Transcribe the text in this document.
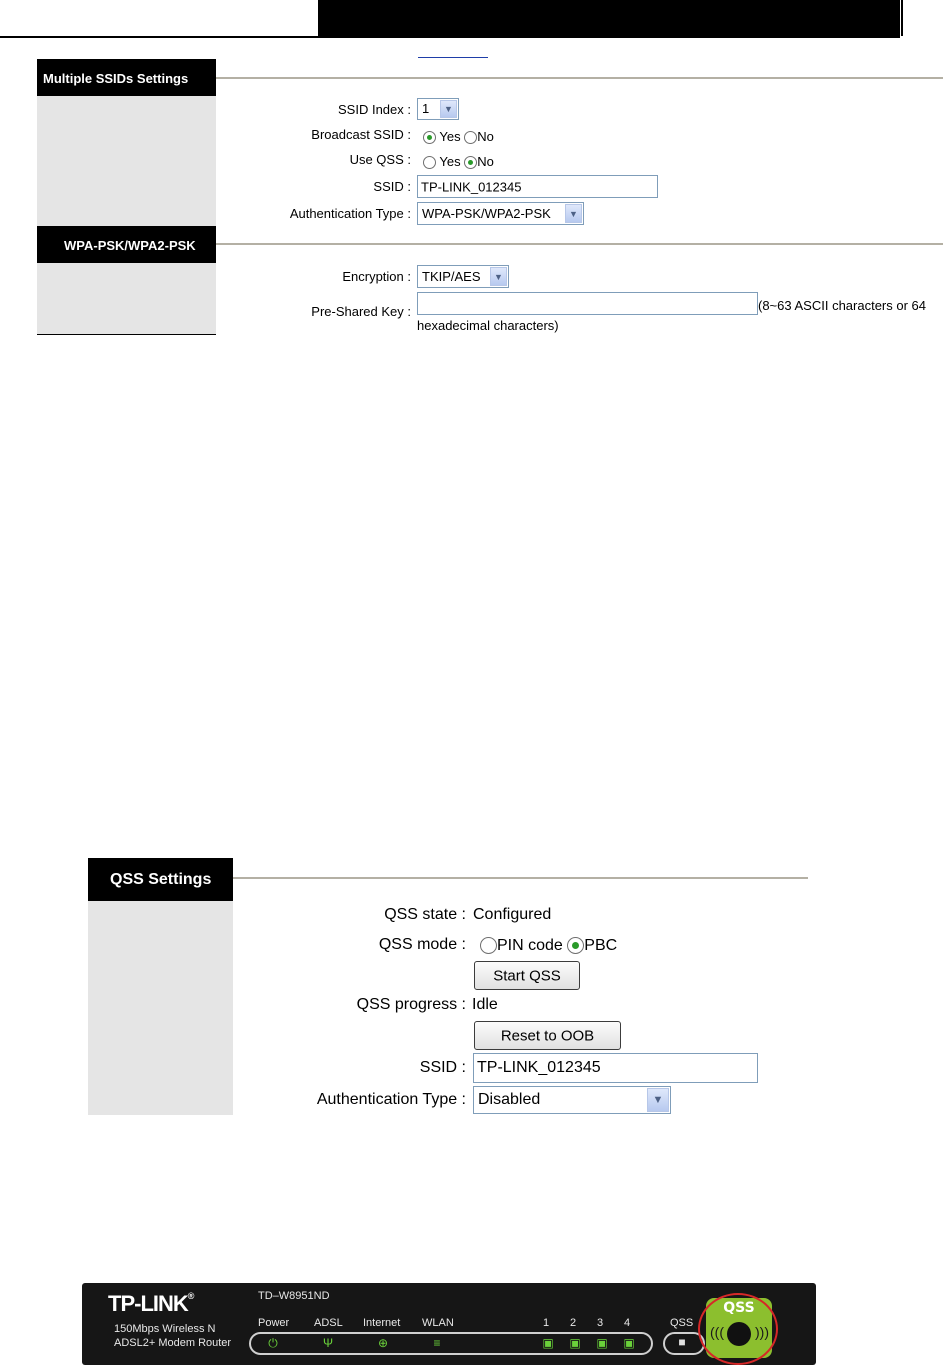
Multiple SSIDs Settings
SSID Index : 1	▼
Broadcast SSID :	Yes No
Use QSS :	Yes No
SSID : TP-LINK_012345
Authentication Type : WPA-PSK/WPA2-PSK	▼
WPA-PSK/WPA2-PSK
Encryption : TKIP/AES	▼
Pre-Shared Key :	(8~63 ASCII characters or 64
hexadecimal characters)
QSS Settings
QSS state : Configured
QSS mode :	PIN code PBC
Start QSS
QSS progress : Idle
Reset to OOB
SSID : TP-LINK_012345
Authentication Type : Disabled	▼
TP-LINK®
150Mbps Wireless N
ADSL2+ Modem Router
TD–W8951ND
Power ADSL Internet WLAN	1 2 3 4	QSS
⏻	Ψ	⊕	≡	▣ ▣ ▣ ▣	■
QSS
((( )))
